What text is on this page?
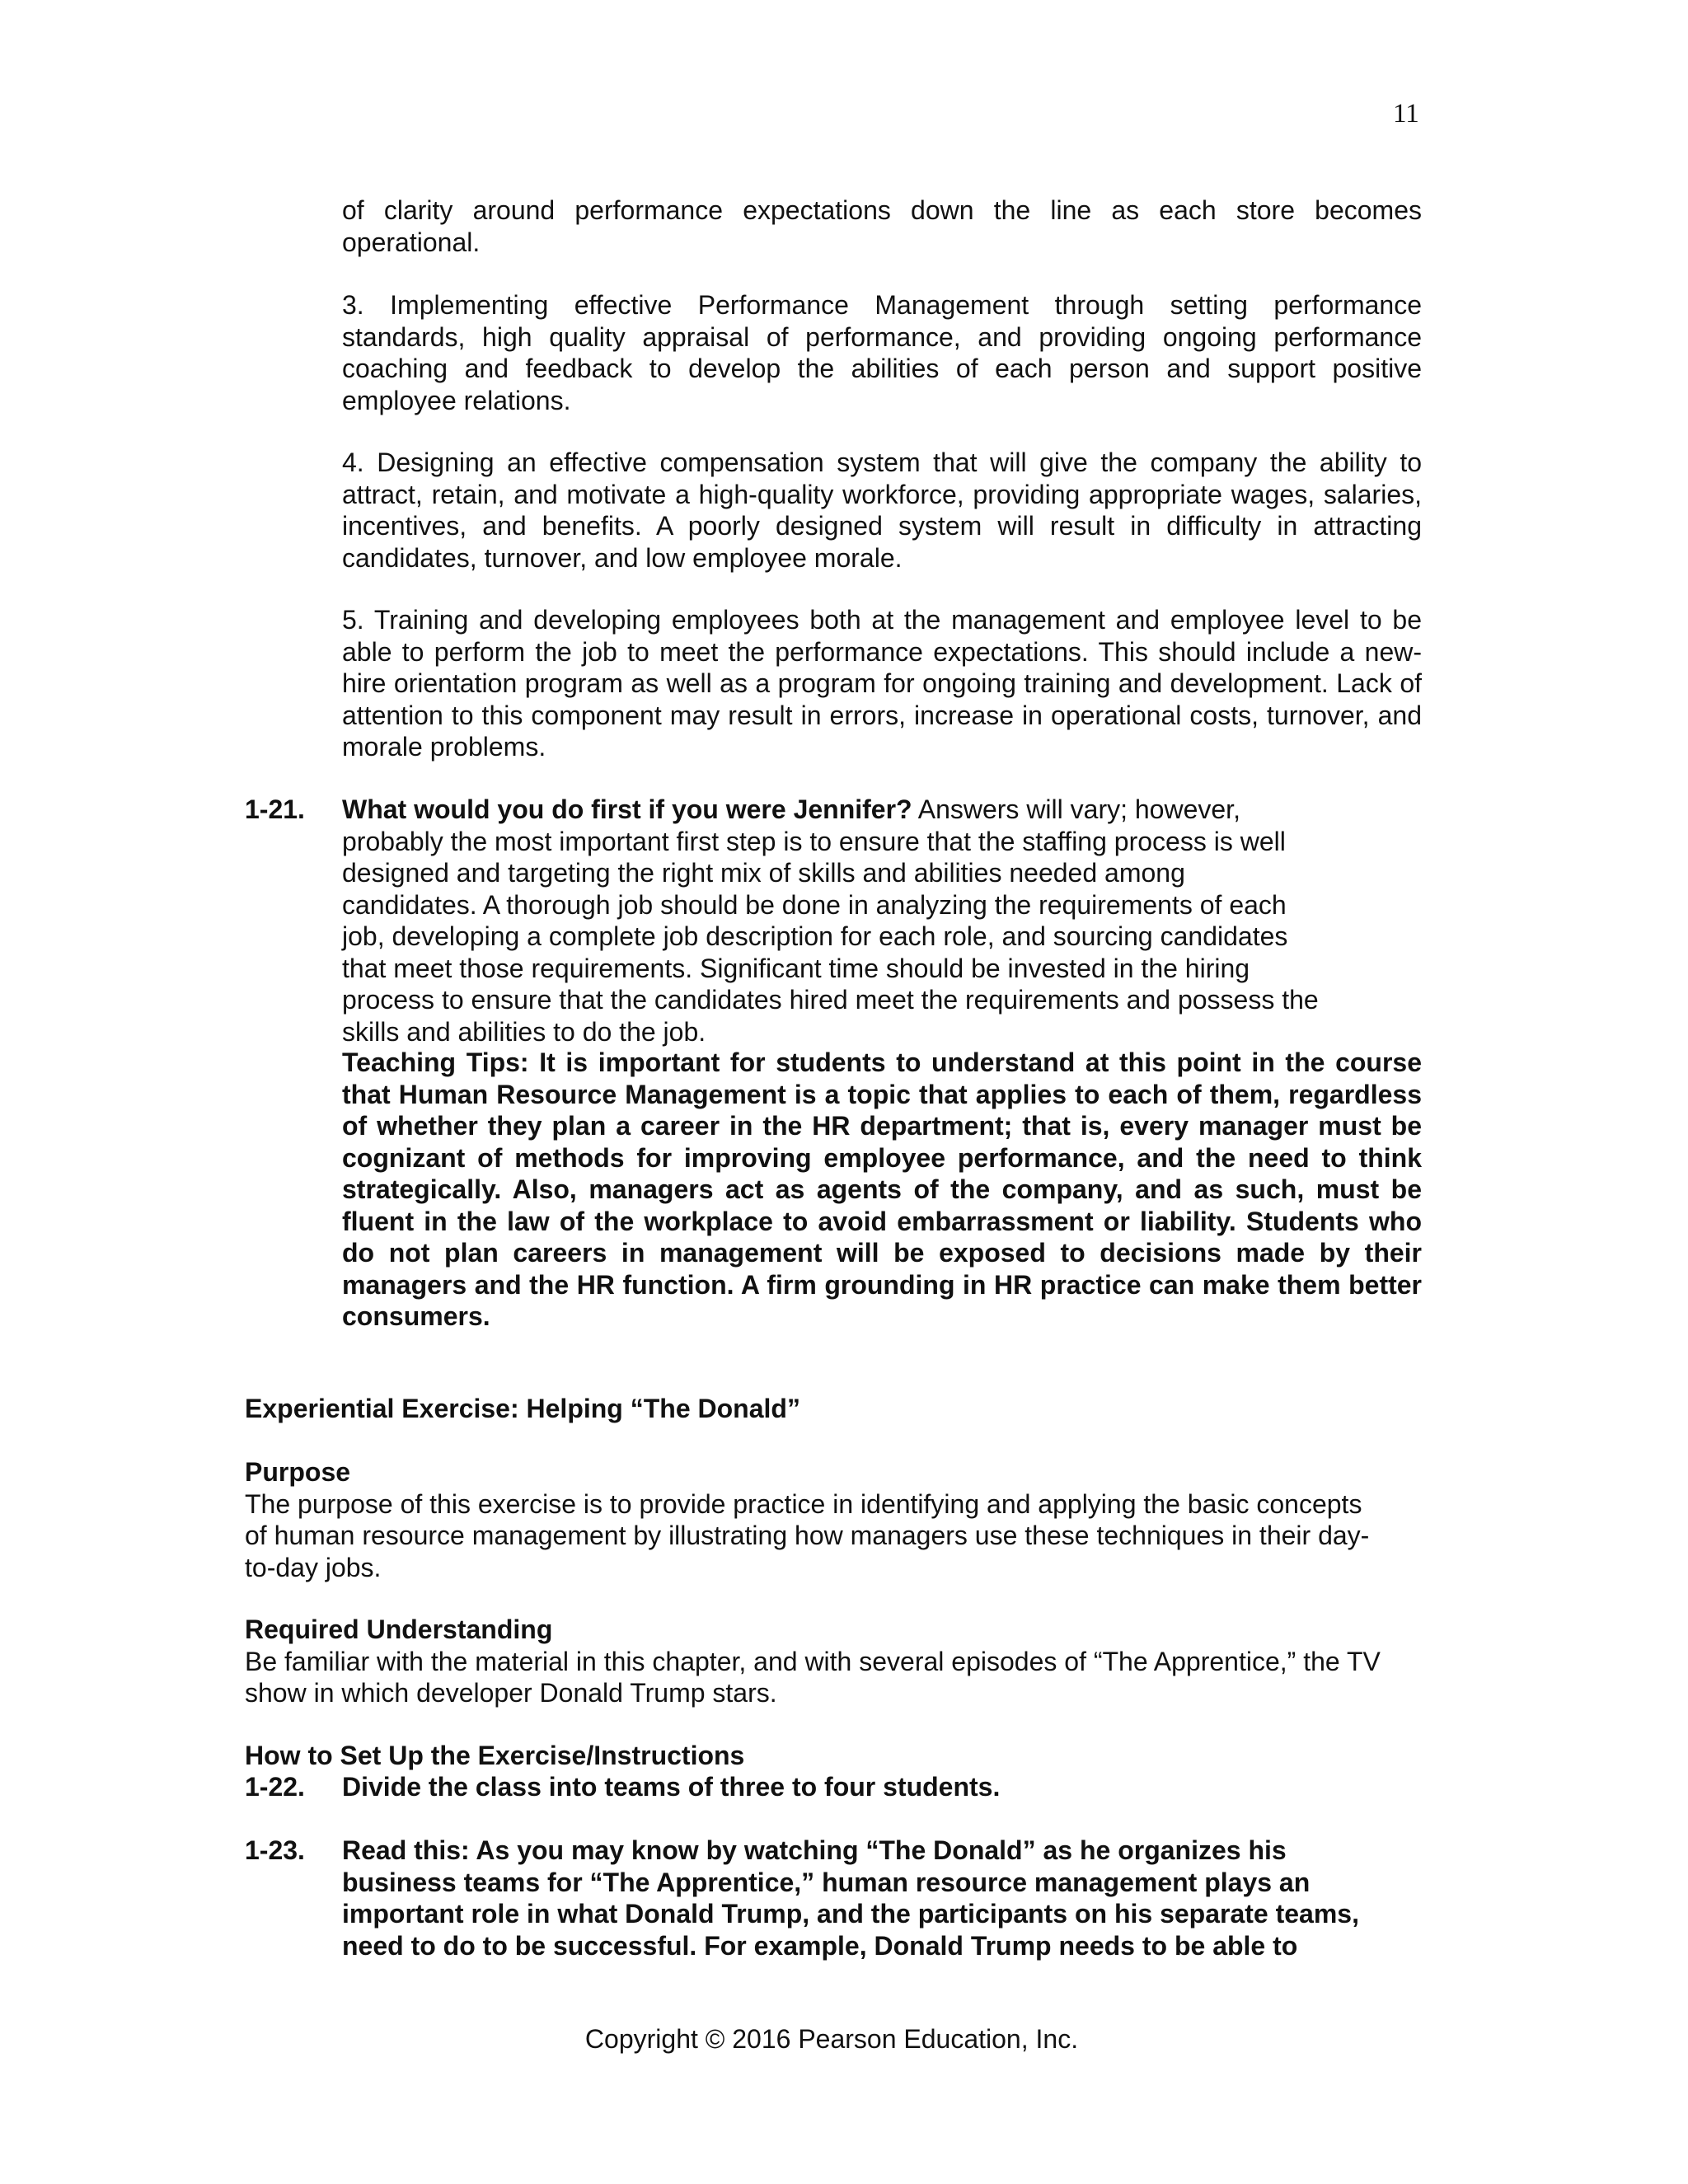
11

of clarity around performance expectations down the line as each store becomes operational.

3. Implementing effective Performance Management through setting performance standards, high quality appraisal of performance, and providing ongoing performance coaching and feedback to develop the abilities of each person and support positive employee relations.

4. Designing an effective compensation system that will give the company the ability to attract, retain, and motivate a high-quality workforce, providing appropriate wages, salaries, incentives, and benefits. A poorly designed system will result in difficulty in attracting candidates, turnover, and low employee morale.

5. Training and developing employees both at the management and employee level to be able to perform the job to meet the performance expectations. This should include a new-hire orientation program as well as a program for ongoing training and development. Lack of attention to this component may result in errors, increase in operational costs, turnover, and morale problems.

1-21. What would you do first if you were Jennifer? Answers will vary; however, probably the most important first step is to ensure that the staffing process is well designed and targeting the right mix of skills and abilities needed among candidates. A thorough job should be done in analyzing the requirements of each job, developing a complete job description for each role, and sourcing candidates that meet those requirements. Significant time should be invested in the hiring process to ensure that the candidates hired meet the requirements and possess the skills and abilities to do the job.

Teaching Tips: It is important for students to understand at this point in the course that Human Resource Management is a topic that applies to each of them, regardless of whether they plan a career in the HR department; that is, every manager must be cognizant of methods for improving employee performance, and the need to think strategically. Also, managers act as agents of the company, and as such, must be fluent in the law of the workplace to avoid embarrassment or liability. Students who do not plan careers in management will be exposed to decisions made by their managers and the HR function. A firm grounding in HR practice can make them better consumers.

Experiential Exercise: Helping “The Donald”

Purpose

The purpose of this exercise is to provide practice in identifying and applying the basic concepts

of human resource management by illustrating how managers use these techniques in their day-

to-day jobs.

Required Understanding

Be familiar with the material in this chapter, and with several episodes of “The Apprentice,” the TV

show in which developer Donald Trump stars.

How to Set Up the Exercise/Instructions

1-22. Divide the class into teams of three to four students.
1-23. Read this: As you may know by watching “The Donald” as he organizes his
business teams for “The Apprentice,” human resource management plays an
important role in what Donald Trump, and the participants on his separate teams,
need to do to be successful. For example, Donald Trump needs to be able to
Copyright © 2016 Pearson Education, Inc.
